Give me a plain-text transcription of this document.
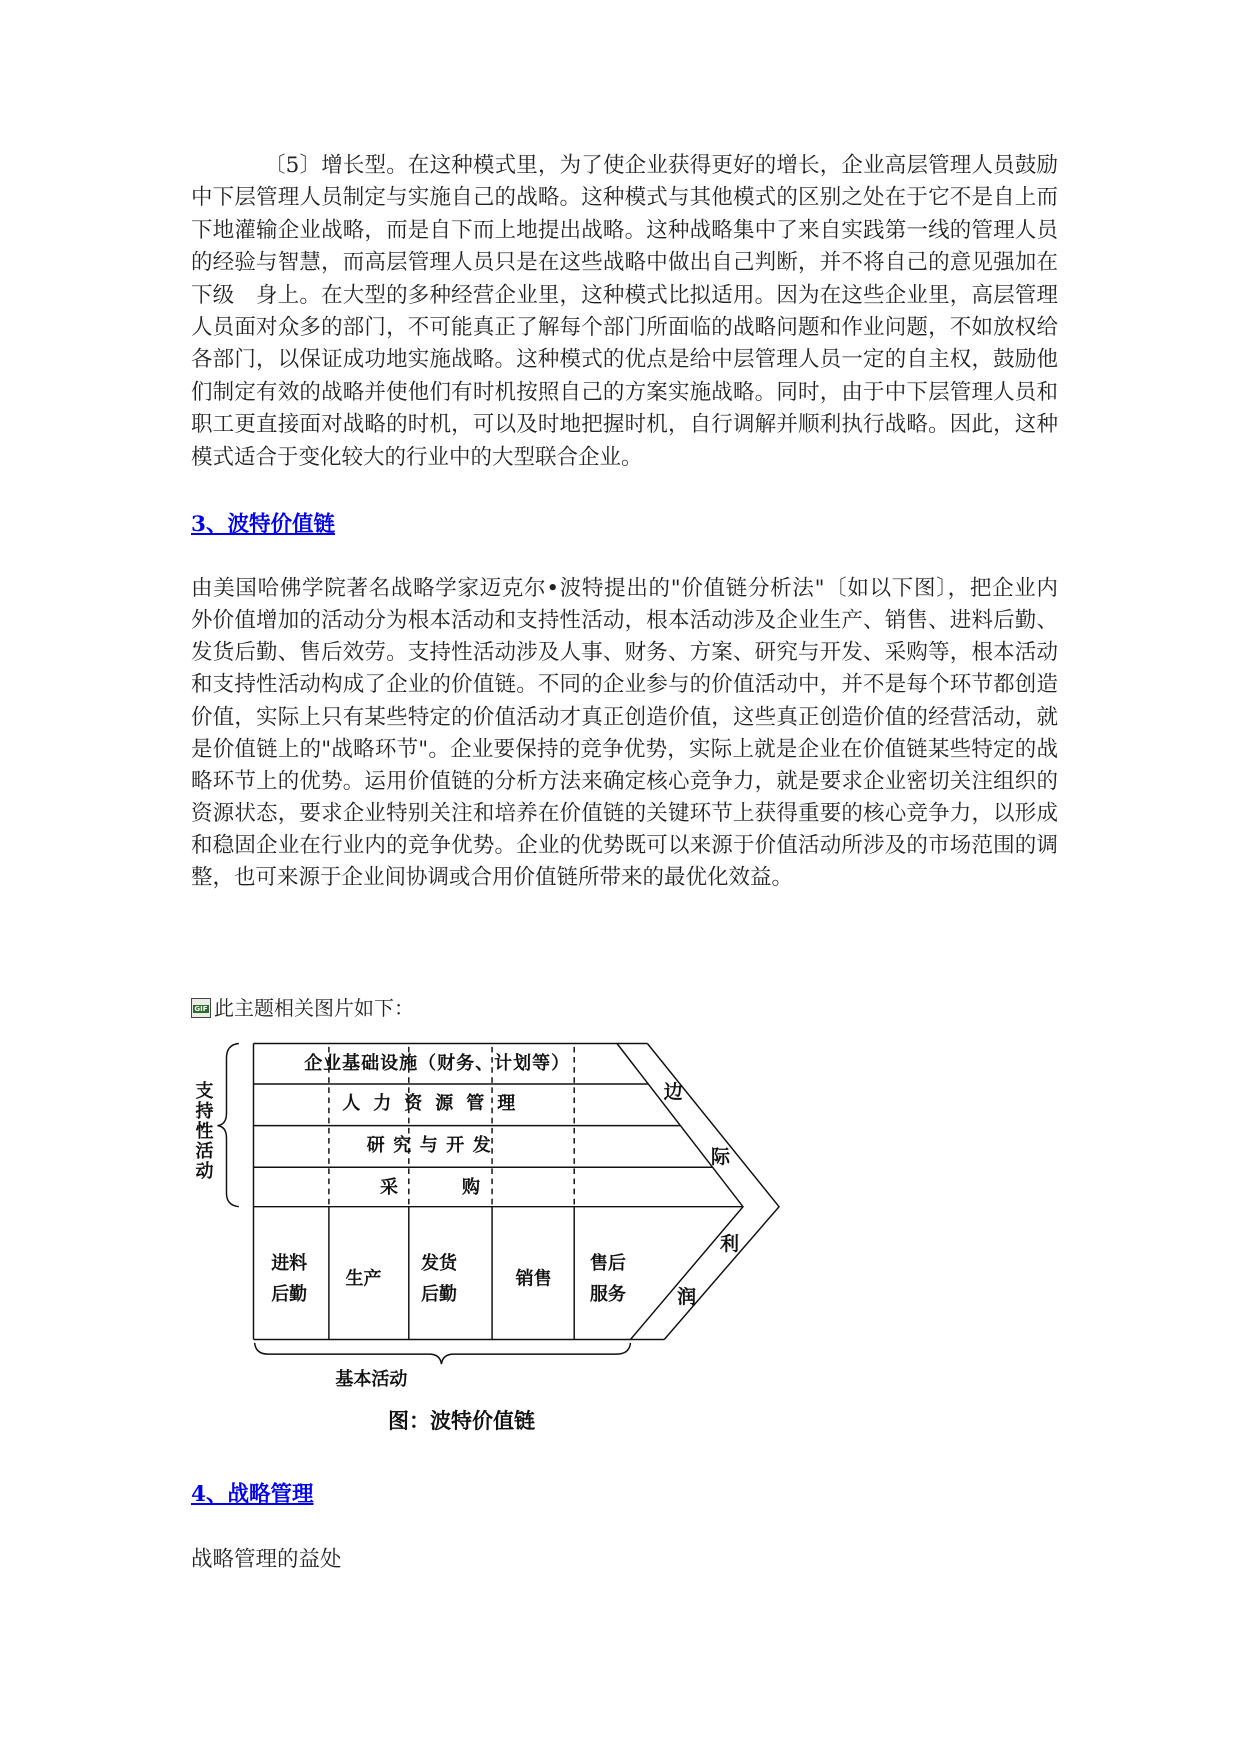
〔5〕增长型。在这种模式里，为了使企业获得更好的增长，企业高层管理人员鼓励
中下层管理人员制定与实施自己的战略。这种模式与其他模式的区别之处在于它不是自上而
下地灌输企业战略，而是自下而上地提出战略。这种战略集中了来自实践第一线的管理人员
的经验与智慧，而高层管理人员只是在这些战略中做出自己判断，并不将自己的意见强加在
下级　身上。在大型的多种经营企业里，这种模式比拟适用。因为在这些企业里，高层管理
人员面对众多的部门，不可能真正了解每个部门所面临的战略问题和作业问题，不如放权给
各部门，以保证成功地实施战略。这种模式的优点是给中层管理人员一定的自主权，鼓励他
们制定有效的战略并使他们有时机按照自己的方案实施战略。同时，由于中下层管理人员和
职工更直接面对战略的时机，可以及时地把握时机，自行调解并顺利执行战略。因此，这种
模式适合于变化较大的行业中的大型联合企业。
3、波特价值链
由美国哈佛学院著名战略学家迈克尔•波特提出的"价值链分析法"〔如以下图〕，把企业内
外价值增加的活动分为根本活动和支持性活动，根本活动涉及企业生产、销售、进料后勤、
发货后勤、售后效劳。支持性活动涉及人事、财务、方案、研究与开发、采购等，根本活动
和支持性活动构成了企业的价值链。不同的企业参与的价值活动中，并不是每个环节都创造
价值，实际上只有某些特定的价值活动才真正创造价值，这些真正创造价值的经营活动，就
是价值链上的"战略环节"。企业要保持的竞争优势，实际上就是企业在价值链某些特定的战
略环节上的优势。运用价值链的分析方法来确定核心竞争力，就是要求企业密切关注组织的
资源状态，要求企业特别关注和培养在价值链的关键环节上获得重要的核心竞争力，以形成
和稳固企业在行业内的竞争优势。企业的优势既可以来源于价值活动所涉及的市场范围的调
整，也可来源于企业间协调或合用价值链所带来的最优化效益。
GIF 此主题相关图片如下：
支持性活动
企业基础设施（财务、计划等）
人力资源管理
研究与开发
采购
进料
后勤
生产
发货
后勤
销售
售后
服务
边
际
利
润
基本活动
图：波特价值链
4、战略管理
战略管理的益处
